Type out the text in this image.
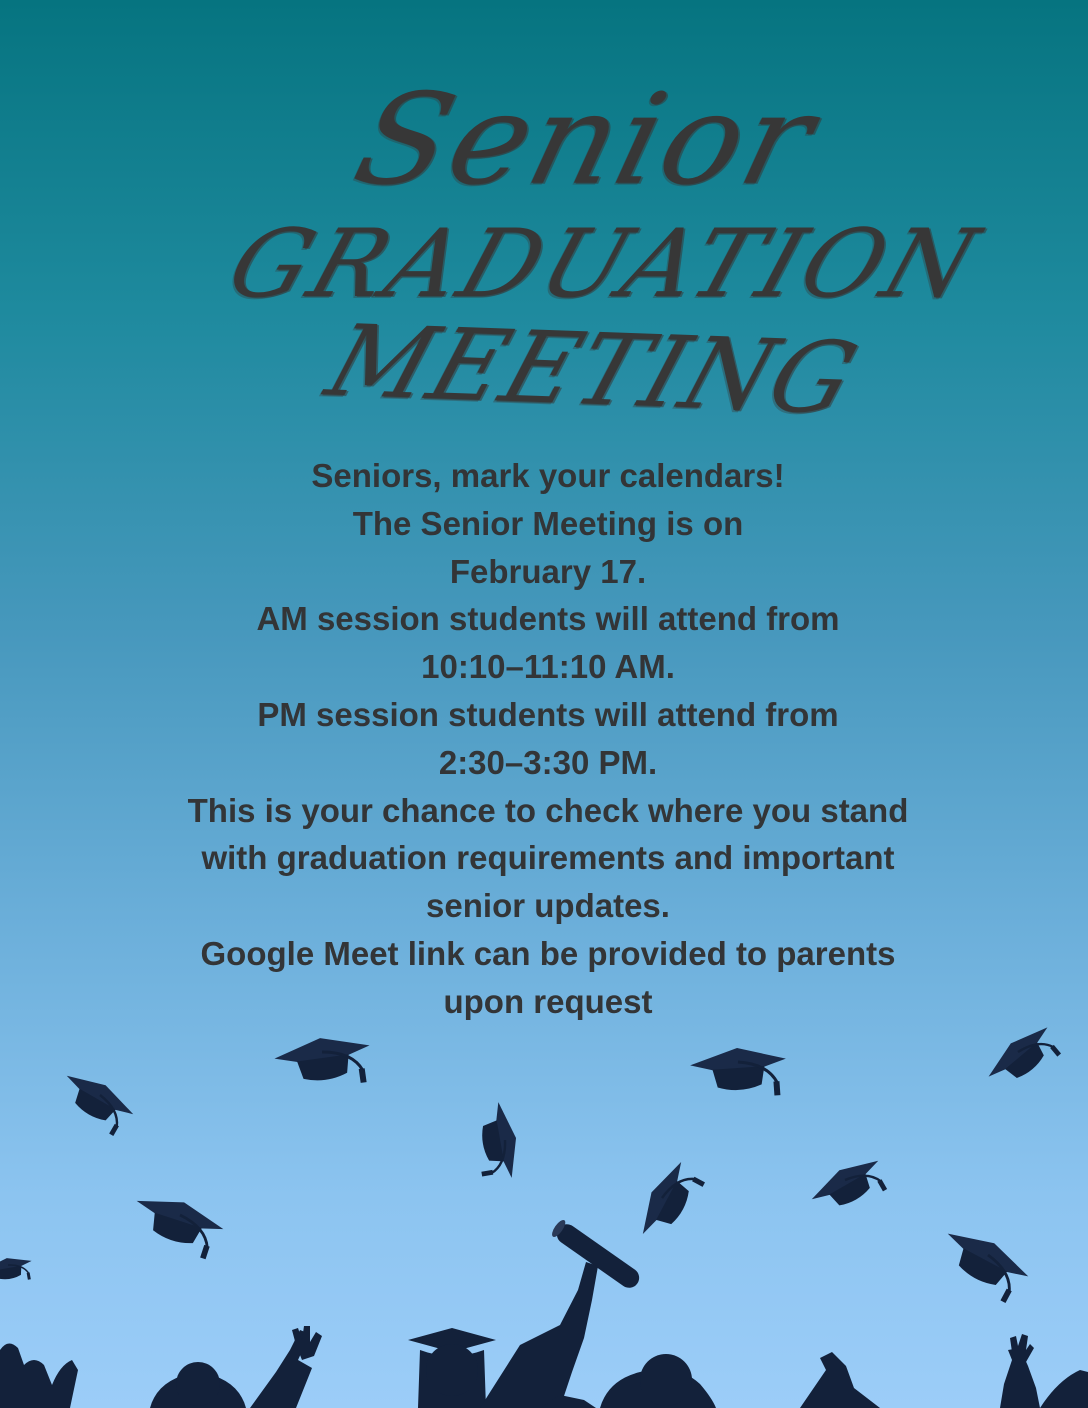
Senior
GRADUATION
MEETING
Seniors, mark your calendars!
The Senior Meeting is on
February 17.
AM session students will attend from
10:10–11:10 AM.
PM session students will attend from
2:30–3:30 PM.
This is your chance to check where you stand
with graduation requirements and important
senior updates.
Google Meet link can be provided to parents
upon request
